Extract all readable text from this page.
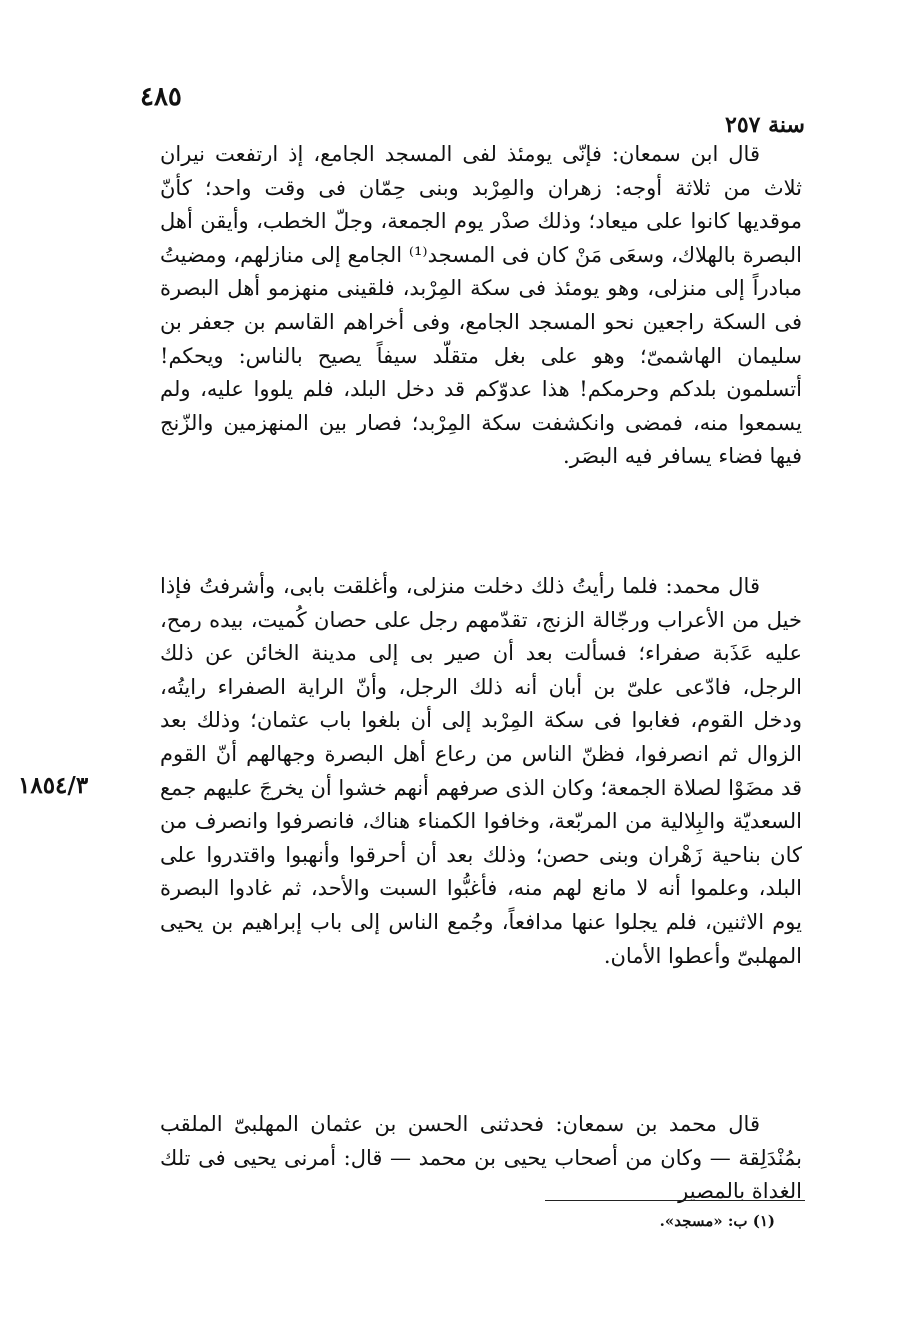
٤٨٥
سنة ٢٥٧
١٨٥٤/٣

قال ابن سمعان: فإنّى يومئذ لفى المسجد الجامع، إذ ارتفعت نيران ثلاث من ثلاثة أوجه: زهران والمِرْبد وبنى حِمّان فى وقت واحد؛ كأنّ موقديها كانوا على ميعاد؛ وذلك صدْر يوم الجمعة، وجلّ الخطب، وأيقن أهل البصرة بالهلاك، وسعَى مَنْ كان فى المسجد⁽¹⁾ الجامع إلى منازلهم، ومضيتُ مبادراً إلى منزلى، وهو يومئذ فى سكة المِرْبد، فلقينى منهزمو أهل البصرة فى السكة راجعين نحو المسجد الجامع، وفى أخراهم القاسم بن جعفر بن سليمان الهاشمىّ؛ وهو على بغل متقلّد سيفاً يصيح بالناس: ويحكم! أتسلمون بلدكم وحرمكم! هذا عدوّكم قد دخل البلد، فلم يلووا عليه، ولم يسمعوا منه، فمضى وانكشفت سكة المِرْبد؛ فصار بين المنهزمين والزّنج فيها فضاء يسافر فيه البصَر.

قال محمد: فلما رأيتُ ذلك دخلت منزلى، وأغلقت بابى، وأشرفتُ فإذا خيل من الأعراب ورجّالة الزنج، تقدّمهم رجل على حصان كُميت، بيده رمح، عليه عَذَبة صفراء؛ فسألت بعد أن صير بى إلى مدينة الخائن عن ذلك الرجل، فادّعى علىّ بن أبان أنه ذلك الرجل، وأنّ الراية الصفراء رايتُه، ودخل القوم، فغابوا فى سكة المِرْبد إلى أن بلغوا باب عثمان؛ وذلك بعد الزوال ثم انصرفوا، فظنّ الناس من رعاع أهل البصرة وجهالهم أنّ القوم قد مضَوْا لصلاة الجمعة؛ وكان الذى صرفهم أنهم خشوا أن يخرجَ عليهم جمع السعديّة والبِلالية من المربّعة، وخافوا الكمناء هناك، فانصرفوا وانصرف من كان بناحية زَهْران وبنى حصن؛ وذلك بعد أن أحرقوا وأنهبوا واقتدروا على البلد، وعلموا أنه لا مانع لهم منه، فأغبُّوا السبت والأحد، ثم غادوا البصرة يوم الاثنين، فلم يجلوا عنها مدافعاً، وجُمع الناس إلى باب إبراهيم بن يحيى المهلبىّ وأعطوا الأمان.

قال محمد بن سمعان: فحدثنى الحسن بن عثمان المهلبىّ الملقب بمُنْدَلِقة — وكان من أصحاب يحيى بن محمد — قال: أمرنى يحيى فى تلك الغداة بالمصير

(١) ب: «مسجد».
